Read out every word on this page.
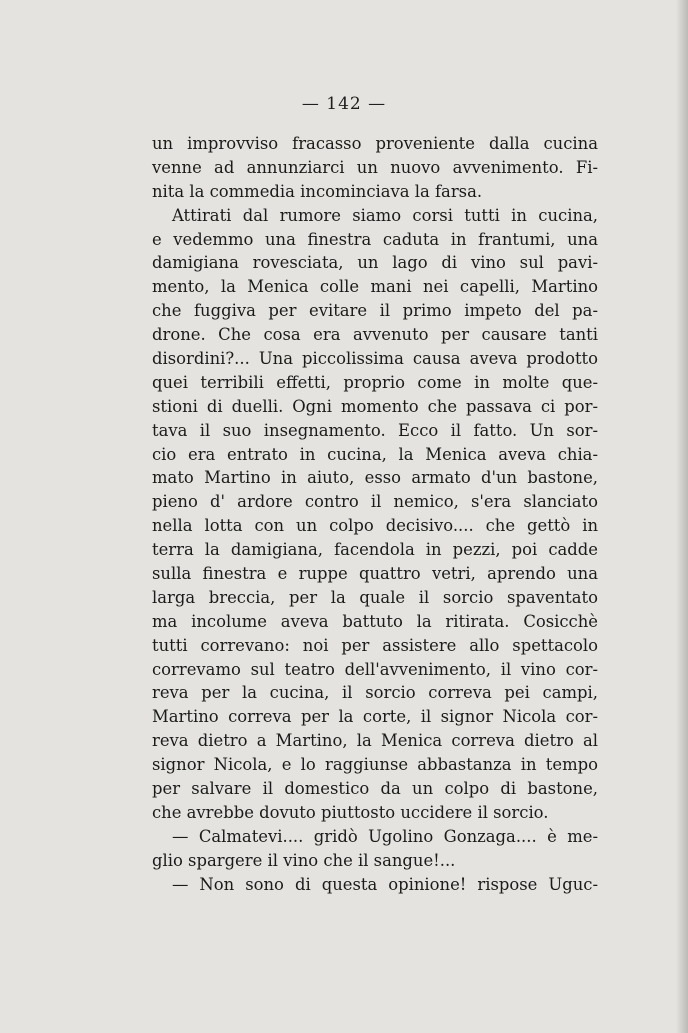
— 142 —
un improvviso fracasso proveniente dalla cucina
venne ad annunziarci un nuovo avvenimento. Fi-
nita la commedia incominciava la farsa.
Attirati dal rumore siamo corsi tutti in cucina,
e vedemmo una finestra caduta in frantumi, una
damigiana rovesciata, un lago di vino sul pavi-
mento, la Menica colle mani nei capelli, Martino
che fuggiva per evitare il primo impeto del pa-
drone. Che cosa era avvenuto per causare tanti
disordini?... Una piccolissima causa aveva prodotto
quei terribili effetti, proprio come in molte que-
stioni di duelli. Ogni momento che passava ci por-
tava il suo insegnamento. Ecco il fatto. Un sor-
cio era entrato in cucina, la Menica aveva chia-
mato Martino in aiuto, esso armato d'un bastone,
pieno d' ardore contro il nemico, s'era slanciato
nella lotta con un colpo decisivo.... che gettò in
terra la damigiana, facendola in pezzi, poi cadde
sulla finestra e ruppe quattro vetri, aprendo una
larga breccia, per la quale il sorcio spaventato
ma incolume aveva battuto la ritirata. Cosicchè
tutti correvano: noi per assistere allo spettacolo
correvamo sul teatro dell'avvenimento, il vino cor-
reva per la cucina, il sorcio correva pei campi,
Martino correva per la corte, il signor Nicola cor-
reva dietro a Martino, la Menica correva dietro al
signor Nicola, e lo raggiunse abbastanza in tempo
per salvare il domestico da un colpo di bastone,
che avrebbe dovuto piuttosto uccidere il sorcio.
— Calmatevi.... gridò Ugolino Gonzaga.... è me-
glio spargere il vino che il sangue!...
— Non sono di questa opinione! rispose Uguc-
